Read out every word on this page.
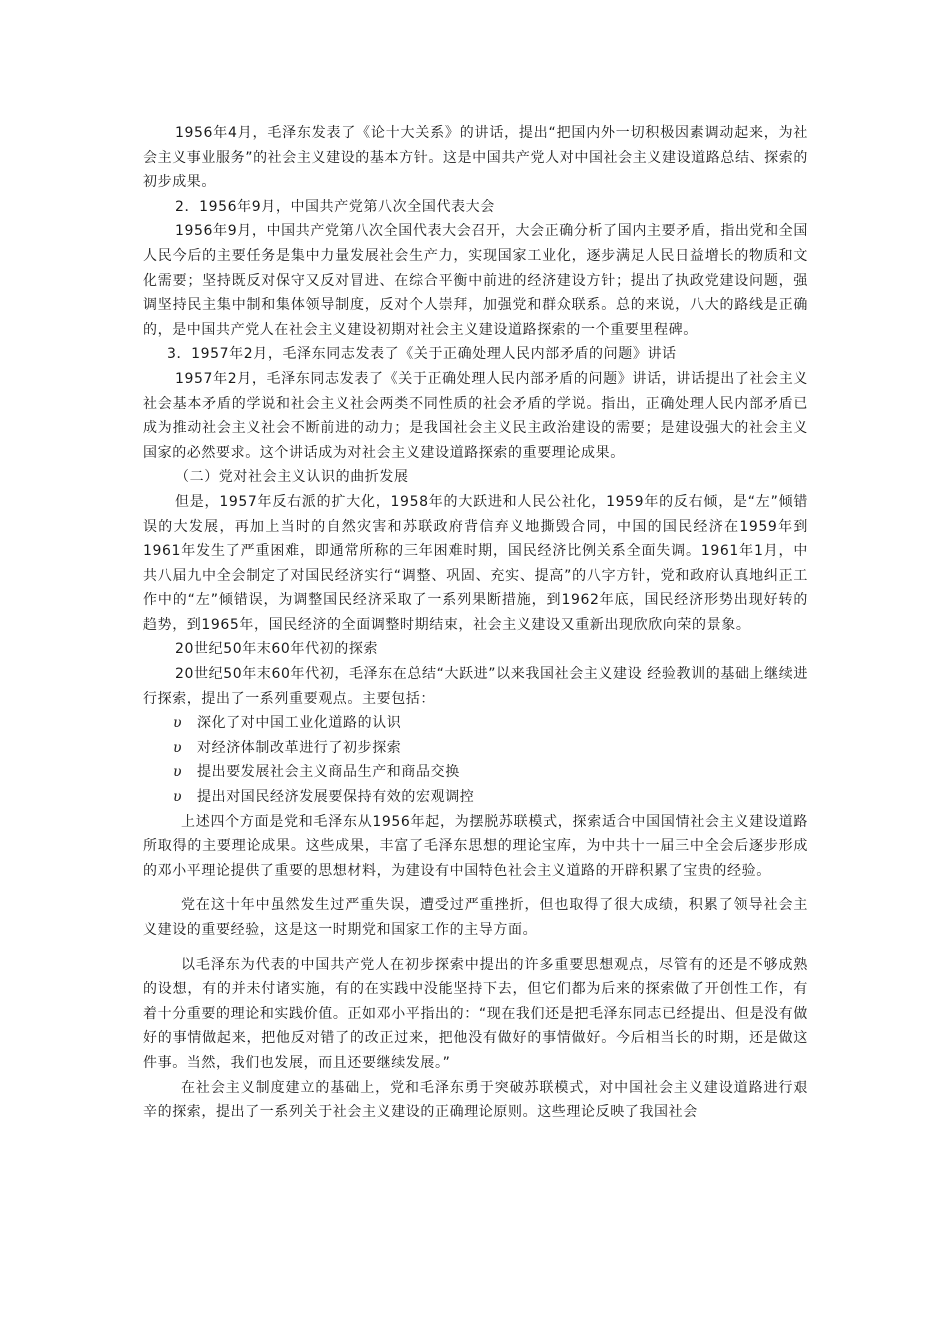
1956年4月，毛泽东发表了《论十大关系》的讲话，提出“把国内外一切积极因素调动起来，为社会主义事业服务”的社会主义建设的基本方针。这是中国共产党人对中国社会主义建设道路总结、探索的初步成果。

2．1956年9月，中国共产党第八次全国代表大会

1956年9月，中国共产党第八次全国代表大会召开，大会正确分析了国内主要矛盾，指出党和全国人民今后的主要任务是集中力量发展社会生产力，实现国家工业化，逐步满足人民日益增长的物质和文化需要；坚持既反对保守又反对冒进、在综合平衡中前进的经济建设方针；提出了执政党建设问题，强调坚持民主集中制和集体领导制度，反对个人崇拜，加强党和群众联系。总的来说，八大的路线是正确的，是中国共产党人在社会主义建设初期对社会主义建设道路探索的一个重要里程碑。

3．1957年2月，毛泽东同志发表了《关于正确处理人民内部矛盾的问题》讲话

1957年2月，毛泽东同志发表了《关于正确处理人民内部矛盾的问题》讲话，讲话提出了社会主义社会基本矛盾的学说和社会主义社会两类不同性质的社会矛盾的学说。指出，正确处理人民内部矛盾已成为推动社会主义社会不断前进的动力；是我国社会主义民主政治建设的需要；是建设强大的社会主义国家的必然要求。这个讲话成为对社会主义建设道路探索的重要理论成果。

（二）党对社会主义认识的曲折发展

但是，1957年反右派的扩大化，1958年的大跃进和人民公社化，1959年的反右倾，是“左”倾错误的大发展，再加上当时的自然灾害和苏联政府背信弃义地撕毁合同，中国的国民经济在1959年到1961年发生了严重困难，即通常所称的三年困难时期，国民经济比例关系全面失调。1961年1月，中共八届九中全会制定了对国民经济实行“调整、巩固、充实、提高”的八字方针，党和政府认真地纠正工作中的“左”倾错误，为调整国民经济采取了一系列果断措施，到1962年底，国民经济形势出现好转的趋势，到1965年，国民经济的全面调整时期结束，社会主义建设又重新出现欣欣向荣的景象。

20世纪50年末60年代初的探索

20世纪50年末60年代初，毛泽东在总结“大跃进”以来我国社会主义建设 经验教训的基础上继续进行探索，提出了一系列重要观点。主要包括：

υ 深化了对中国工业化道路的认识

υ 对经济体制改革进行了初步探索

υ 提出要发展社会主义商品生产和商品交换

υ 提出对国民经济发展要保持有效的宏观调控

上述四个方面是党和毛泽东从1956年起，为摆脱苏联模式，探索适合中国国情社会主义建设道路所取得的主要理论成果。这些成果，丰富了毛泽东思想的理论宝库，为中共十一届三中全会后逐步形成的邓小平理论提供了重要的思想材料，为建设有中国特色社会主义道路的开辟积累了宝贵的经验。

党在这十年中虽然发生过严重失误，遭受过严重挫折，但也取得了很大成绩，积累了领导社会主义建设的重要经验，这是这一时期党和国家工作的主导方面。

以毛泽东为代表的中国共产党人在初步探索中提出的许多重要思想观点，尽管有的还是不够成熟的设想，有的并未付诸实施，有的在实践中没能坚持下去，但它们都为后来的探索做了开创性工作，有着十分重要的理论和实践价值。正如邓小平指出的：“现在我们还是把毛泽东同志已经提出、但是没有做好的事情做起来，把他反对错了的改正过来，把他没有做好的事情做好。今后相当长的时期，还是做这件事。当然，我们也发展，而且还要继续发展。”

在社会主义制度建立的基础上，党和毛泽东勇于突破苏联模式，对中国社会主义建设道路进行艰辛的探索，提出了一系列关于社会主义建设的正确理论原则。这些理论反映了我国社会
